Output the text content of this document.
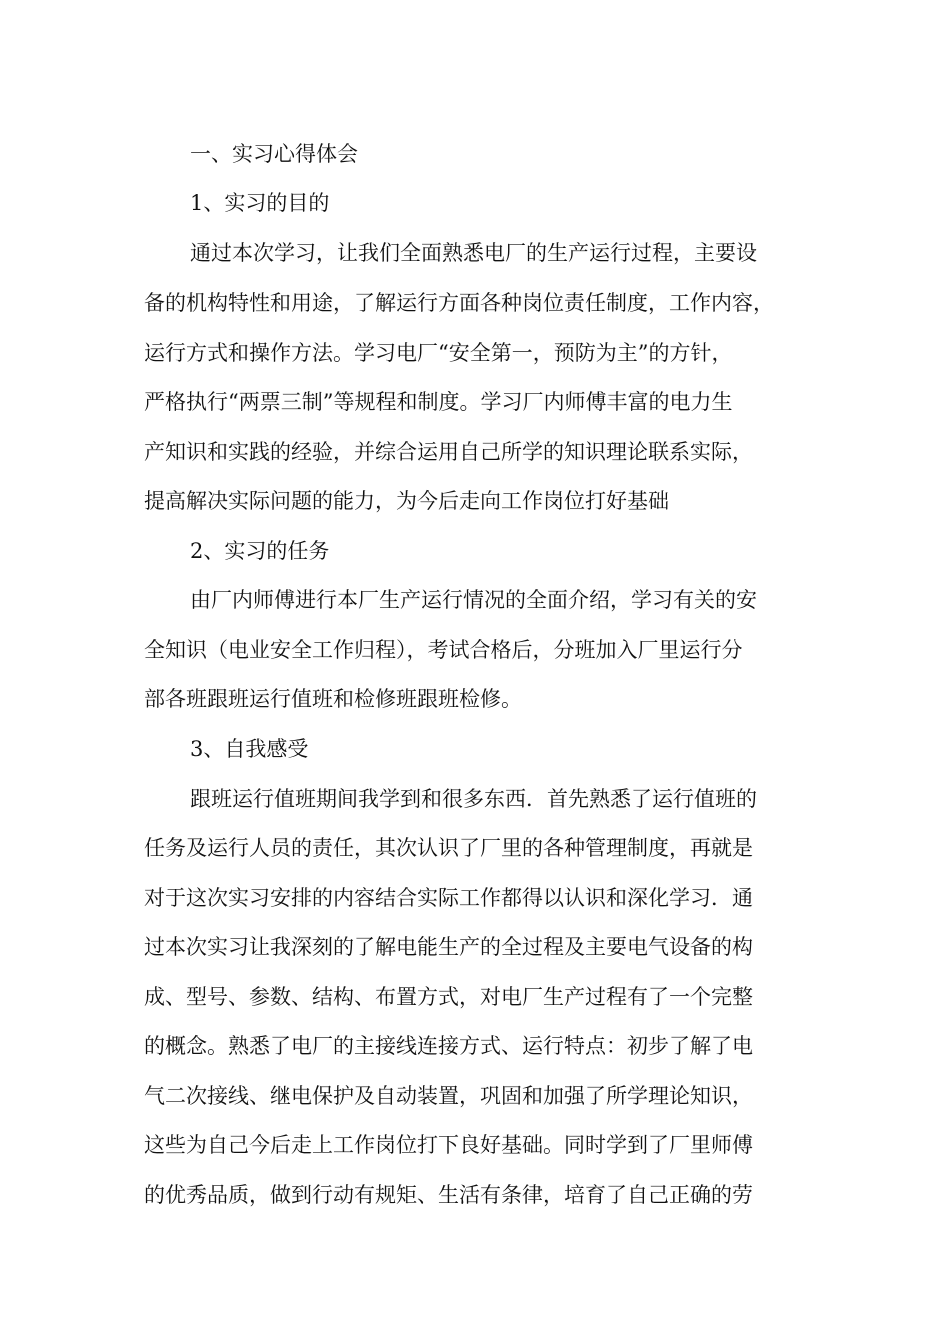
一、实习心得体会
1、实习的目的
通过本次学习，让我们全面熟悉电厂的生产运行过程，主要设
备的机构特性和用途，了解运行方面各种岗位责任制度，工作内容，
运行方式和操作方法。学习电厂“安全第一，预防为主”的方针，
严格执行“两票三制”等规程和制度。学习厂内师傅丰富的电力生
产知识和实践的经验，并综合运用自己所学的知识理论联系实际，
提高解决实际问题的能力，为今后走向工作岗位打好基础
2、实习的任务
由厂内师傅进行本厂生产运行情况的全面介绍，学习有关的安
全知识（电业安全工作归程），考试合格后，分班加入厂里运行分
部各班跟班运行值班和检修班跟班检修。
3、自我感受
跟班运行值班期间我学到和很多东西．首先熟悉了运行值班的
任务及运行人员的责任，其次认识了厂里的各种管理制度，再就是
对于这次实习安排的内容结合实际工作都得以认识和深化学习．通
过本次实习让我深刻的了解电能生产的全过程及主要电气设备的构
成、型号、参数、结构、布置方式，对电厂生产过程有了一个完整
的概念。熟悉了电厂的主接线连接方式、运行特点：初步了解了电
气二次接线、继电保护及自动装置，巩固和加强了所学理论知识，
这些为自己今后走上工作岗位打下良好基础。同时学到了厂里师傅
的优秀品质，做到行动有规矩、生活有条律，培育了自己正确的劳
